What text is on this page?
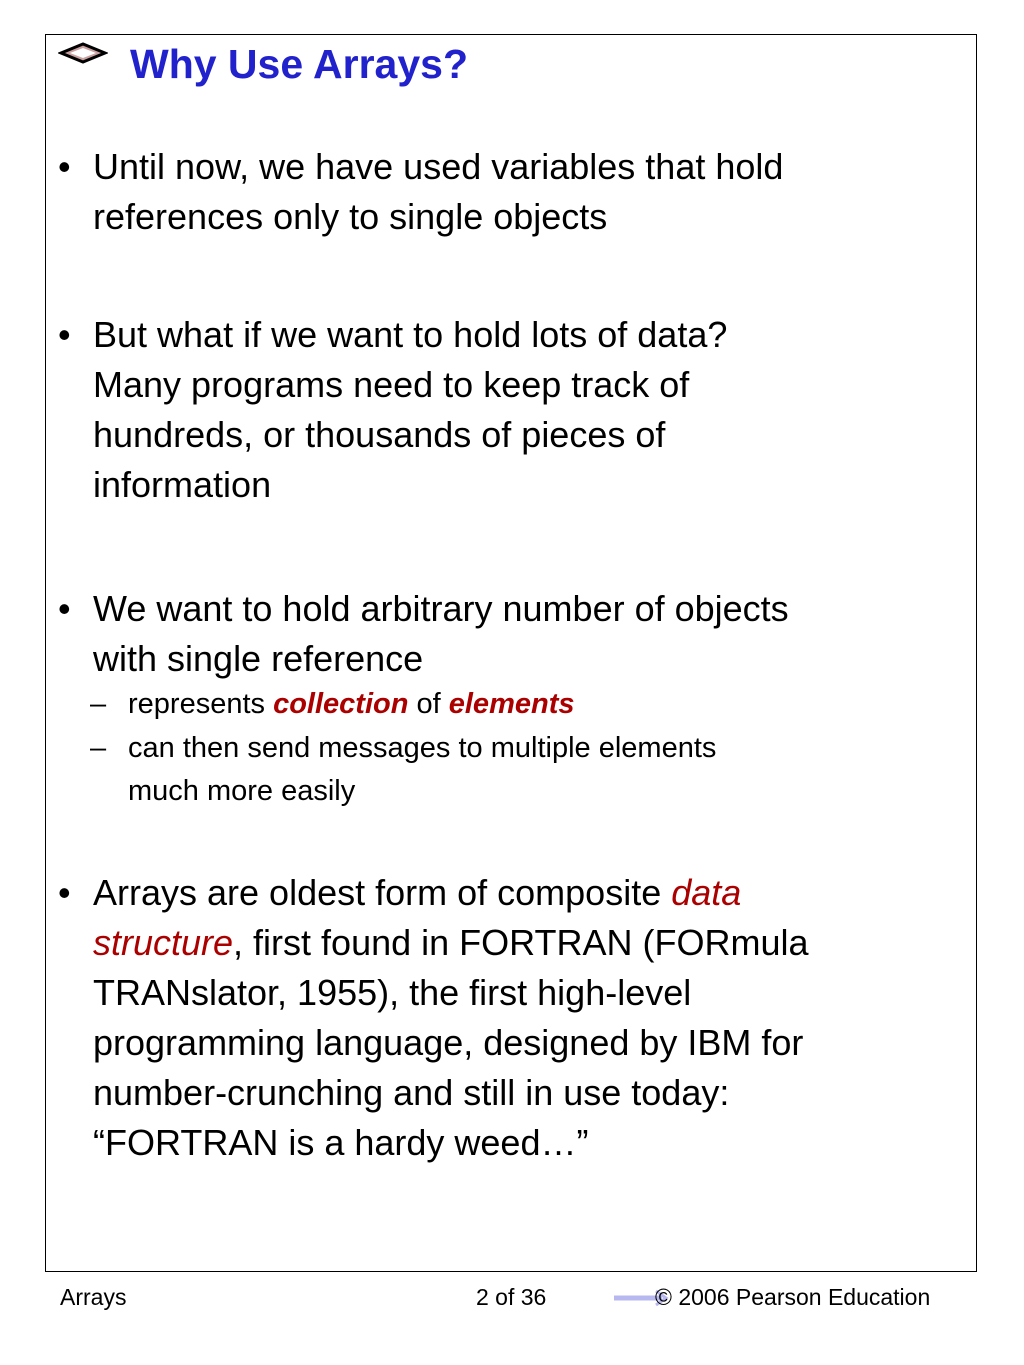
Why Use Arrays?
• Until now, we have used variables that hold
references only to single objects
• But what if we want to hold lots of data?
Many programs need to keep track of
hundreds, or thousands of pieces of
information
• We want to hold arbitrary number of objects
with single reference
– represents collection of elements
– can then send messages to multiple elements
much more easily
• Arrays are oldest form of composite data
structure, first found in FORTRAN (FORmula
TRANslator, 1955), the first high-level
programming language, designed by IBM for
number-crunching and still in use today:
“FORTRAN is a hardy weed…”
Arrays	2 of 36	© 2006 Pearson Education
